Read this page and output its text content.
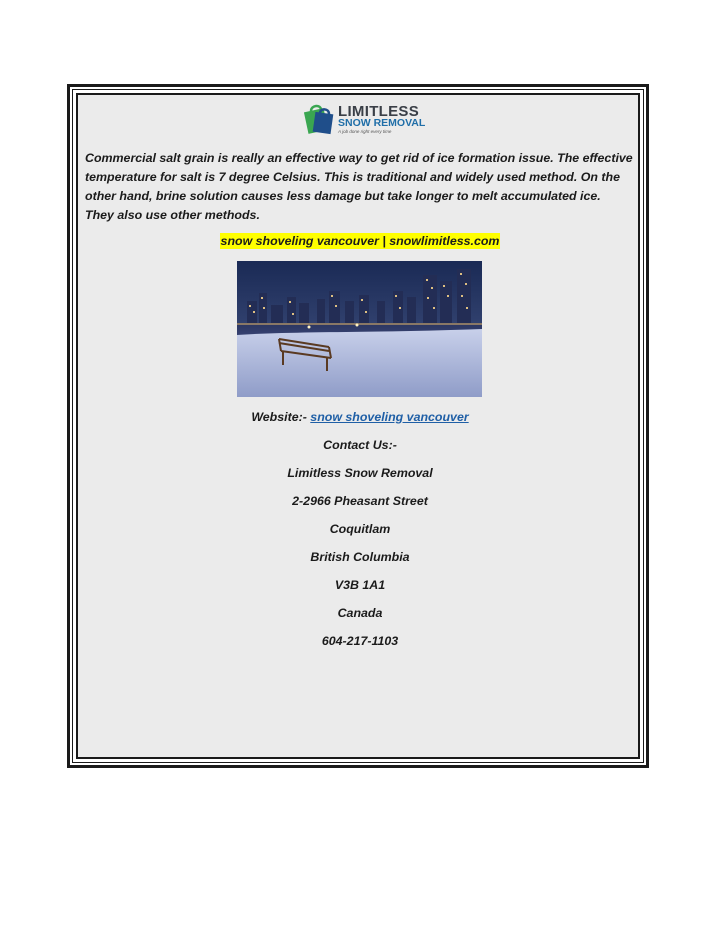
LIMITLESS
SNOW REMOVAL
A job done right every time

Commercial salt grain is really an effective way to get rid of ice formation issue. The effective temperature for salt is 7 degree Celsius. This is traditional and widely used method. On the other hand, brine solution causes less damage but take longer to melt accumulated ice. They also use other methods.

snow shoveling vancouver | snowlimitless.com
Website:- snow shoveling vancouver
Contact Us:-
Limitless Snow Removal
2-2966 Pheasant Street
Coquitlam
British Columbia
V3B 1A1
Canada
604-217-1103
